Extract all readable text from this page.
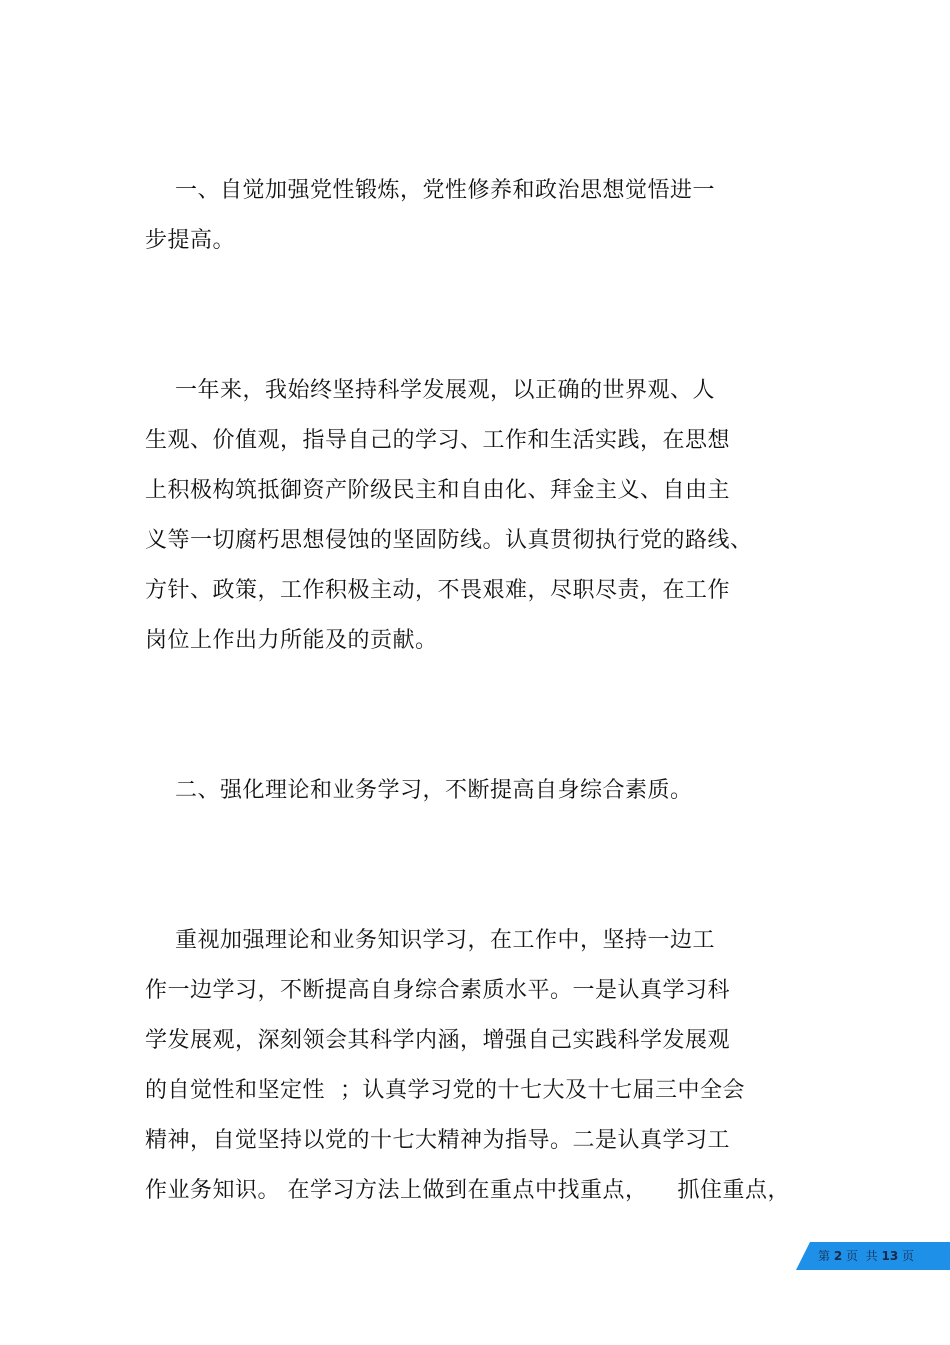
一、自觉加强党性锻炼，党性修养和政治思想觉悟进一
步提高。
一年来，我始终坚持科学发展观，以正确的世界观、人
生观、价值观，指导自己的学习、工作和生活实践，在思想
上积极构筑抵御资产阶级民主和自由化、拜金主义、自由主
义等一切腐朽思想侵蚀的坚固防线。认真贯彻执行党的路线、
方针、政策，工作积极主动，不畏艰难，尽职尽责，在工作
岗位上作出力所能及的贡献。
二、强化理论和业务学习，不断提高自身综合素质。
重视加强理论和业务知识学习，在工作中，坚持一边工
作一边学习，不断提高自身综合素质水平。一是认真学习科
学发展观，深刻领会其科学内涵，增强自己实践科学发展观
的自觉性和坚定性  ；认真学习党的十七大及十七届三中全会
精神，自觉坚持以党的十七大精神为指导。二是认真学习工
作业务知识。 在学习方法上做到在重点中找重点，    抓住重点，
第 2 页  共 13 页
